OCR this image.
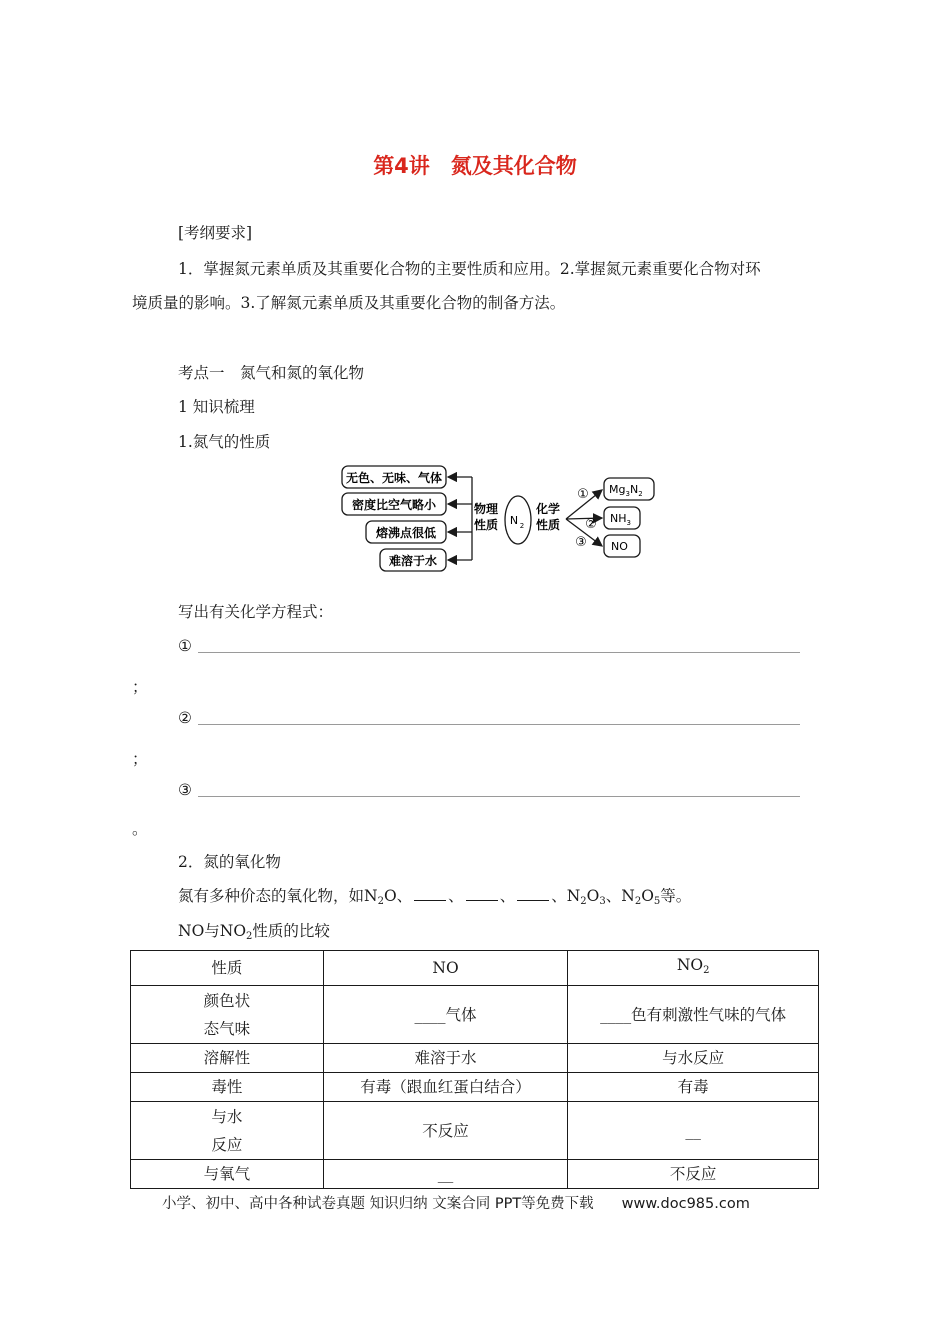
第4讲　氮及其化合物
[考纲要求]
1．掌握氮元素单质及其重要化合物的主要性质和应用。2.掌握氮元素重要化合物对环
境质量的影响。3.了解氮元素单质及其重要化合物的制备方法。
考点一　氮气和氮的氧化物
1 知识梳理
1.氮气的性质
无色、无味、气体
密度比空气略小
熔沸点很低
难溶于水
物理
性质 N 2
化学
性质
①
②
③
$Mg_3N_2$
$NH_3$
NO
写出有关化学方程式：
①
；
②
；
③
。
2．氮的氧化物
氮有多种价态的氧化物，如$N_2O$、 、 、 、$N_2O_3$、$N_2O_5$等。
NO与$NO_2$性质的比较
性质	NO	$NO_2$

颜色状
态气味	____气体	____色有刺激性气味的气体
溶解性	难溶于水	与水反应
毒性	有毒（跟血红蛋白结合）	有毒

与水
反应	不反应	__
与氧气	__	不反应
小学、初中、高中各种试卷真题 知识归纳 文案合同 PPT等免费下载 www.doc985.com
